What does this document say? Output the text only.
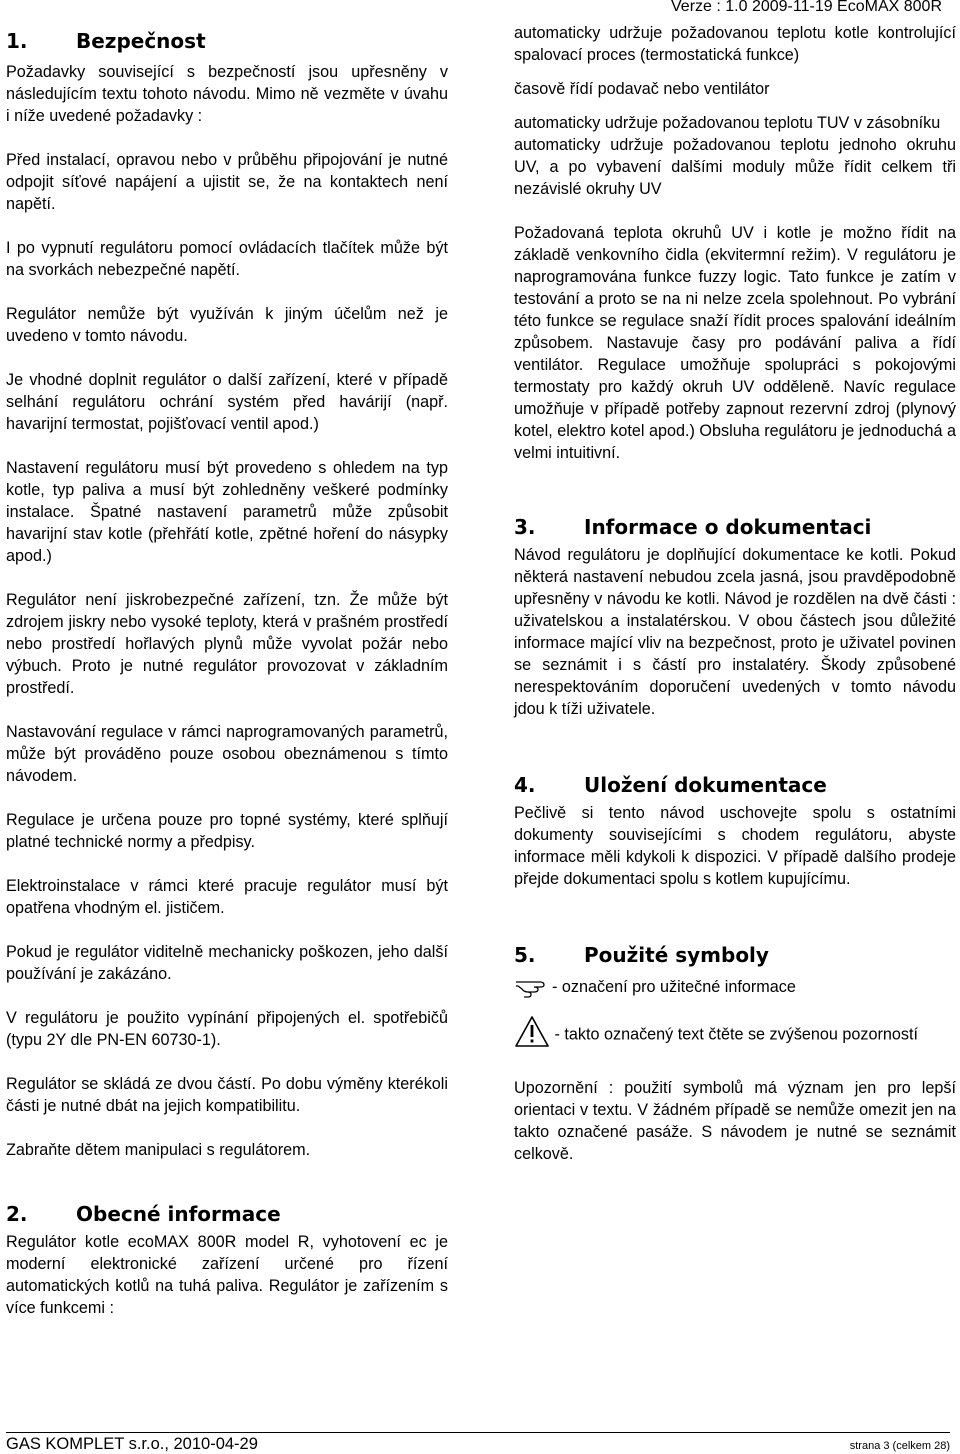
Verze : 1.0 2009-11-19 EcoMAX 800R
1.	Bezpečnost

Požadavky související s bezpečností jsou upřesněny v následujícím textu tohoto návodu. Mimo ně vezměte v úvahu i níže uvedené požadavky :

Před instalací, opravou nebo v průběhu připojování je nutné odpojit síťové napájení a ujistit se, že na kontaktech není napětí.

I po vypnutí regulátoru pomocí ovládacích tlačítek může být na svorkách nebezpečné napětí.

Regulátor nemůže být využíván k jiným účelům než je uvedeno v tomto návodu.

Je vhodné doplnit regulátor o další zařízení, které v případě selhání regulátoru ochrání systém před havárijí (např. havarijní termostat, pojišťovací ventil apod.)

Nastavení regulátoru musí být provedeno s ohledem na typ kotle, typ paliva a musí být zohledněny veškeré podmínky instalace. Špatné nastavení parametrů může způsobit havarijní stav kotle (přehřátí kotle, zpětné hoření do násypky apod.)

Regulátor není jiskrobezpečné zařízení, tzn. Že může být zdrojem jiskry nebo vysoké teploty, která v prašném prostředí nebo prostředí hořlavých plynů může vyvolat požár nebo výbuch. Proto je nutné regulátor provozovat v základním prostředí.

Nastavování regulace v rámci naprogramovaných parametrů, může být prováděno pouze osobou obeznámenou s tímto návodem.

Regulace je určena pouze pro topné systémy, které splňují platné technické normy a předpisy.

Elektroinstalace v rámci které pracuje regulátor musí být opatřena vhodným el. jističem.

Pokud je regulátor viditelně mechanicky poškozen, jeho další používání je zakázáno.

V regulátoru je použito vypínání připojených el. spotřebičů (typu 2Y dle PN-EN 60730-1).

Regulátor se skládá ze dvou částí. Po dobu výměny kterékoli části je nutné dbát na jejich kompatibilitu.

Zabraňte dětem manipulaci s regulátorem.

2.	Obecné informace

Regulátor kotle ecoMAX 800R model R, vyhotovení ec je moderní elektronické zařízení určené pro řízení automatických kotlů na tuhá paliva. Regulátor je zařízením s více funkcemi :

automaticky udržuje požadovanou teplotu kotle kontrolující spalovací proces (termostatická funkce)

časově řídí podavač nebo ventilátor

automaticky udržuje požadovanou teplotu TUV v zásobníku

automaticky udržuje požadovanou teplotu jednoho okruhu UV, a po vybavení dalšími moduly může řídit celkem tři nezávislé okruhy UV

Požadovaná teplota okruhů UV i kotle je možno řídit na základě venkovního čidla (ekvitermní režim). V regulátoru je naprogramována funkce fuzzy logic. Tato funkce je zatím v testování a proto se na ni nelze zcela spolehnout. Po vybrání této funkce se regulace snaží řídit proces spalování ideálním způsobem. Nastavuje časy pro podávání paliva a řídí ventilátor. Regulace umožňuje spolupráci s pokojovými termostaty pro každý okruh UV odděleně. Navíc regulace umožňuje v případě potřeby zapnout rezervní zdroj (plynový kotel, elektro kotel apod.) Obsluha regulátoru je jednoduchá a velmi intuitivní.

3.	Informace o dokumentaci

Návod regulátoru je doplňující dokumentace ke kotli. Pokud některá nastavení nebudou zcela jasná, jsou pravděpodobně upřesněny v návodu ke kotli. Návod je rozdělen na dvě části : uživatelskou a instalatérskou. V obou částech jsou důležité informace mající vliv na bezpečnost, proto je uživatel povinen se seznámit i s částí pro instalatéry. Škody způsobené nerespektováním doporučení uvedených v tomto návodu jdou k tíži uživatele.

4.	Uložení dokumentace

Pečlivě si tento návod uschovejte spolu s ostatními dokumenty souvisejícími s chodem regulátoru, abyste informace měli kdykoli k dispozici. V případě dalšího prodeje přejde dokumentaci spolu s kotlem kupujícímu.

5.	Použité symboly

- označení pro užitečné informace

- takto označený text čtěte se zvýšenou pozorností

Upozornění : použití symbolů má význam jen pro lepší orientaci v textu. V žádném případě se nemůže omezit jen na takto označené pasáže. S návodem je nutné se seznámit celkově.

GAS KOMPLET s.r.o., 2010-04-29	strana 3 (celkem 28)
